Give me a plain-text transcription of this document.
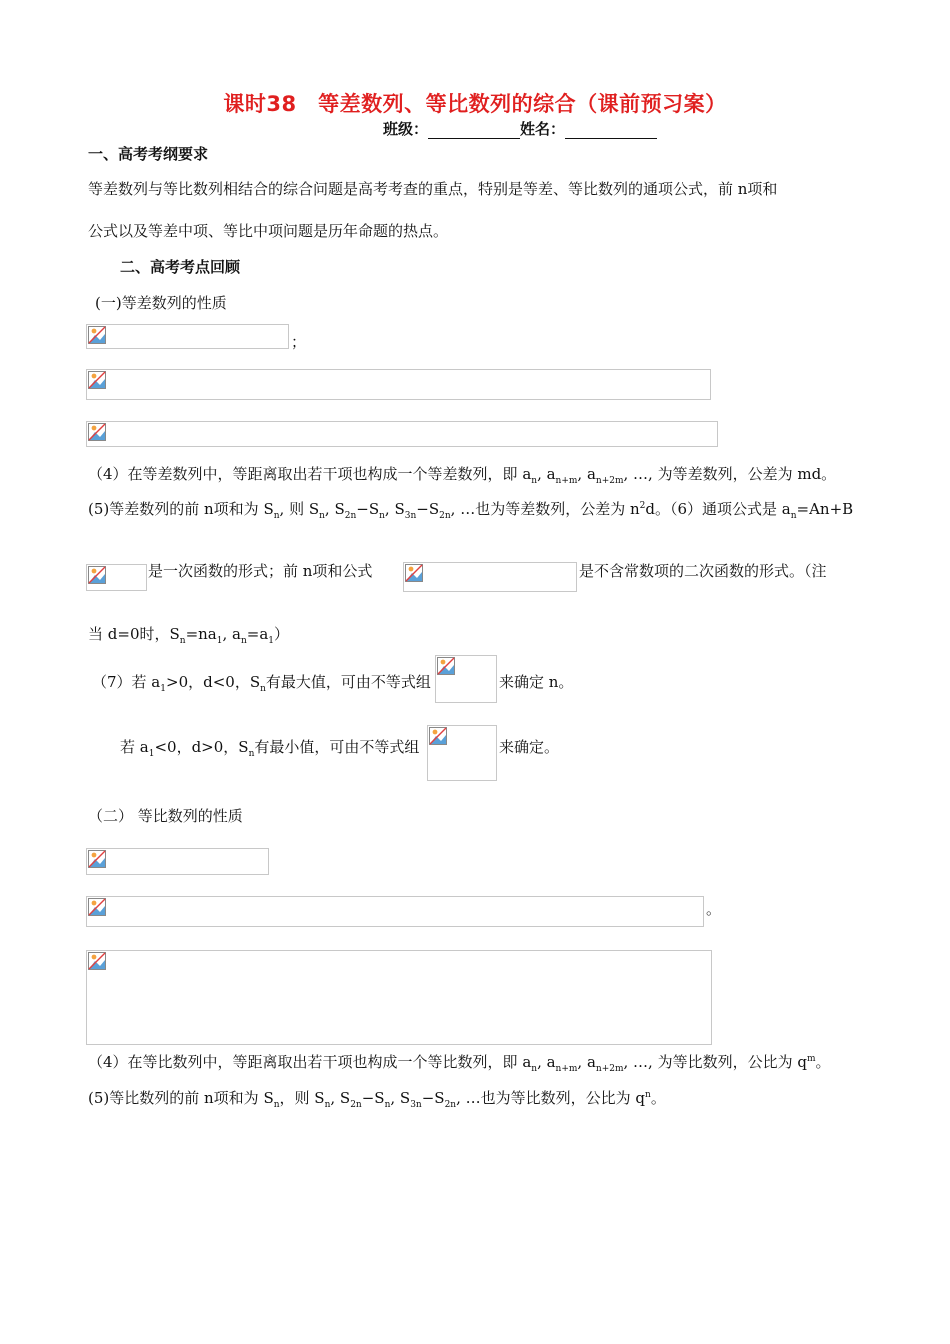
课时38　等差数列、等比数列的综合（课前预习案）
班级：	姓名：
一、高考考纲要求
等差数列与等比数列相结合的综合问题是高考考查的重点，特别是等差、等比数列的通项公式，前 n项和
公式以及等差中项、等比中项问题是历年命题的热点。
二、高考考点回顾
(一)等差数列的性质
；
（4）在等差数列中，等距离取出若干项也构成一个等差数列，即 $a_n$, $a_{n+m}$, $a_{n+2m}$, …, 为等差数列，公差为 md。
(5)等差数列的前 n项和为 $S_n$, 则 $S_n$, $S_{2n}-S_n$, $S_{3n}-S_{2n}$, …也为等差数列，公差为 $n^2d$。（6）通项公式是 $a_n=An+B$
是一次函数的形式；前 n项和公式	是不含常数项的二次函数的形式。（注
当 d=0时，$S_n=na_1$, $a_n=a_1$）
（7）若 $a_1>0$，d<0，$S_n$有最大值，可由不等式组	来确定 n。
若 $a_1<0$，d>0，$S_n$有最小值，可由不等式组	来确定。
（二） 等比数列的性质
。
（4）在等比数列中，等距离取出若干项也构成一个等比数列，即 $a_n$, $a_{n+m}$, $a_{n+2m}$, …, 为等比数列，公比为 $q^m$。
(5)等比数列的前 n项和为 $S_n$，则 $S_n$, $S_{2n}-S_n$, $S_{3n}-S_{2n}$, …也为等比数列，公比为 $q^n$。
